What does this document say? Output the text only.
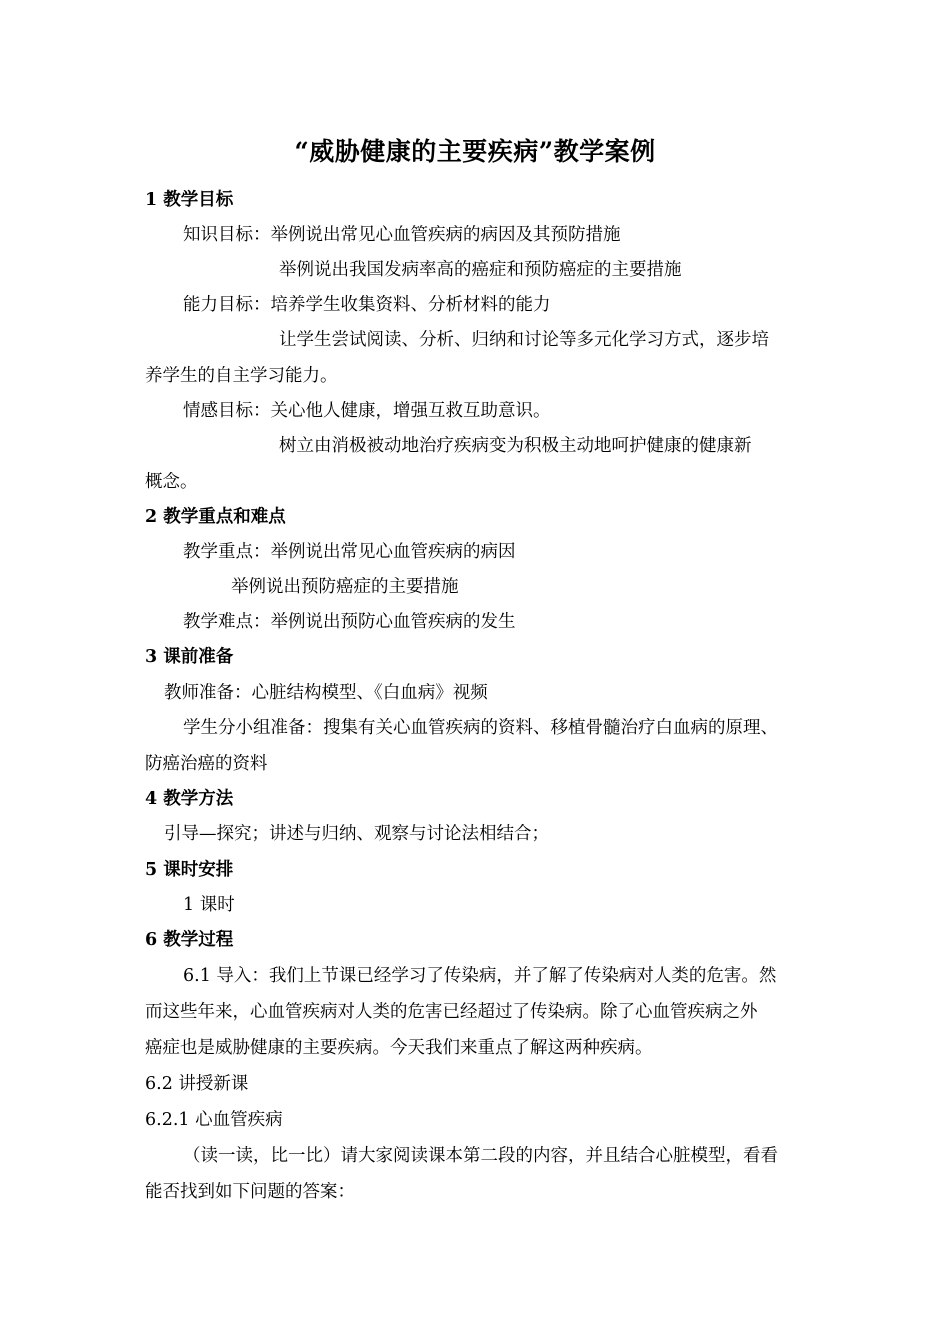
“威胁健康的主要疾病”教学案例
1 教学目标
知识目标：举例说出常见心血管疾病的病因及其预防措施
举例说出我国发病率高的癌症和预防癌症的主要措施
能力目标：培养学生收集资料、分析材料的能力
让学生尝试阅读、分析、归纳和讨论等多元化学习方式，逐步培
养学生的自主学习能力。
情感目标：关心他人健康，增强互救互助意识。
树立由消极被动地治疗疾病变为积极主动地呵护健康的健康新
概念。
2 教学重点和难点
教学重点：举例说出常见心血管疾病的病因
举例说出预防癌症的主要措施
教学难点：举例说出预防心血管疾病的发生
3 课前准备
教师准备：心脏结构模型、《白血病》视频
学生分小组准备：搜集有关心血管疾病的资料、移植骨髓治疗白血病的原理、
防癌治癌的资料
4 教学方法
引导—探究；讲述与归纳、观察与讨论法相结合；
5 课时安排
1 课时
6 教学过程
6.1 导入：我们上节课已经学习了传染病，并了解了传染病对人类的危害。然
而这些年来，心血管疾病对人类的危害已经超过了传染病。除了心血管疾病之外
癌症也是威胁健康的主要疾病。今天我们来重点了解这两种疾病。
6.2 讲授新课
6.2.1 心血管疾病
（读一读，比一比）请大家阅读课本第二段的内容，并且结合心脏模型，看看
能否找到如下问题的答案：
